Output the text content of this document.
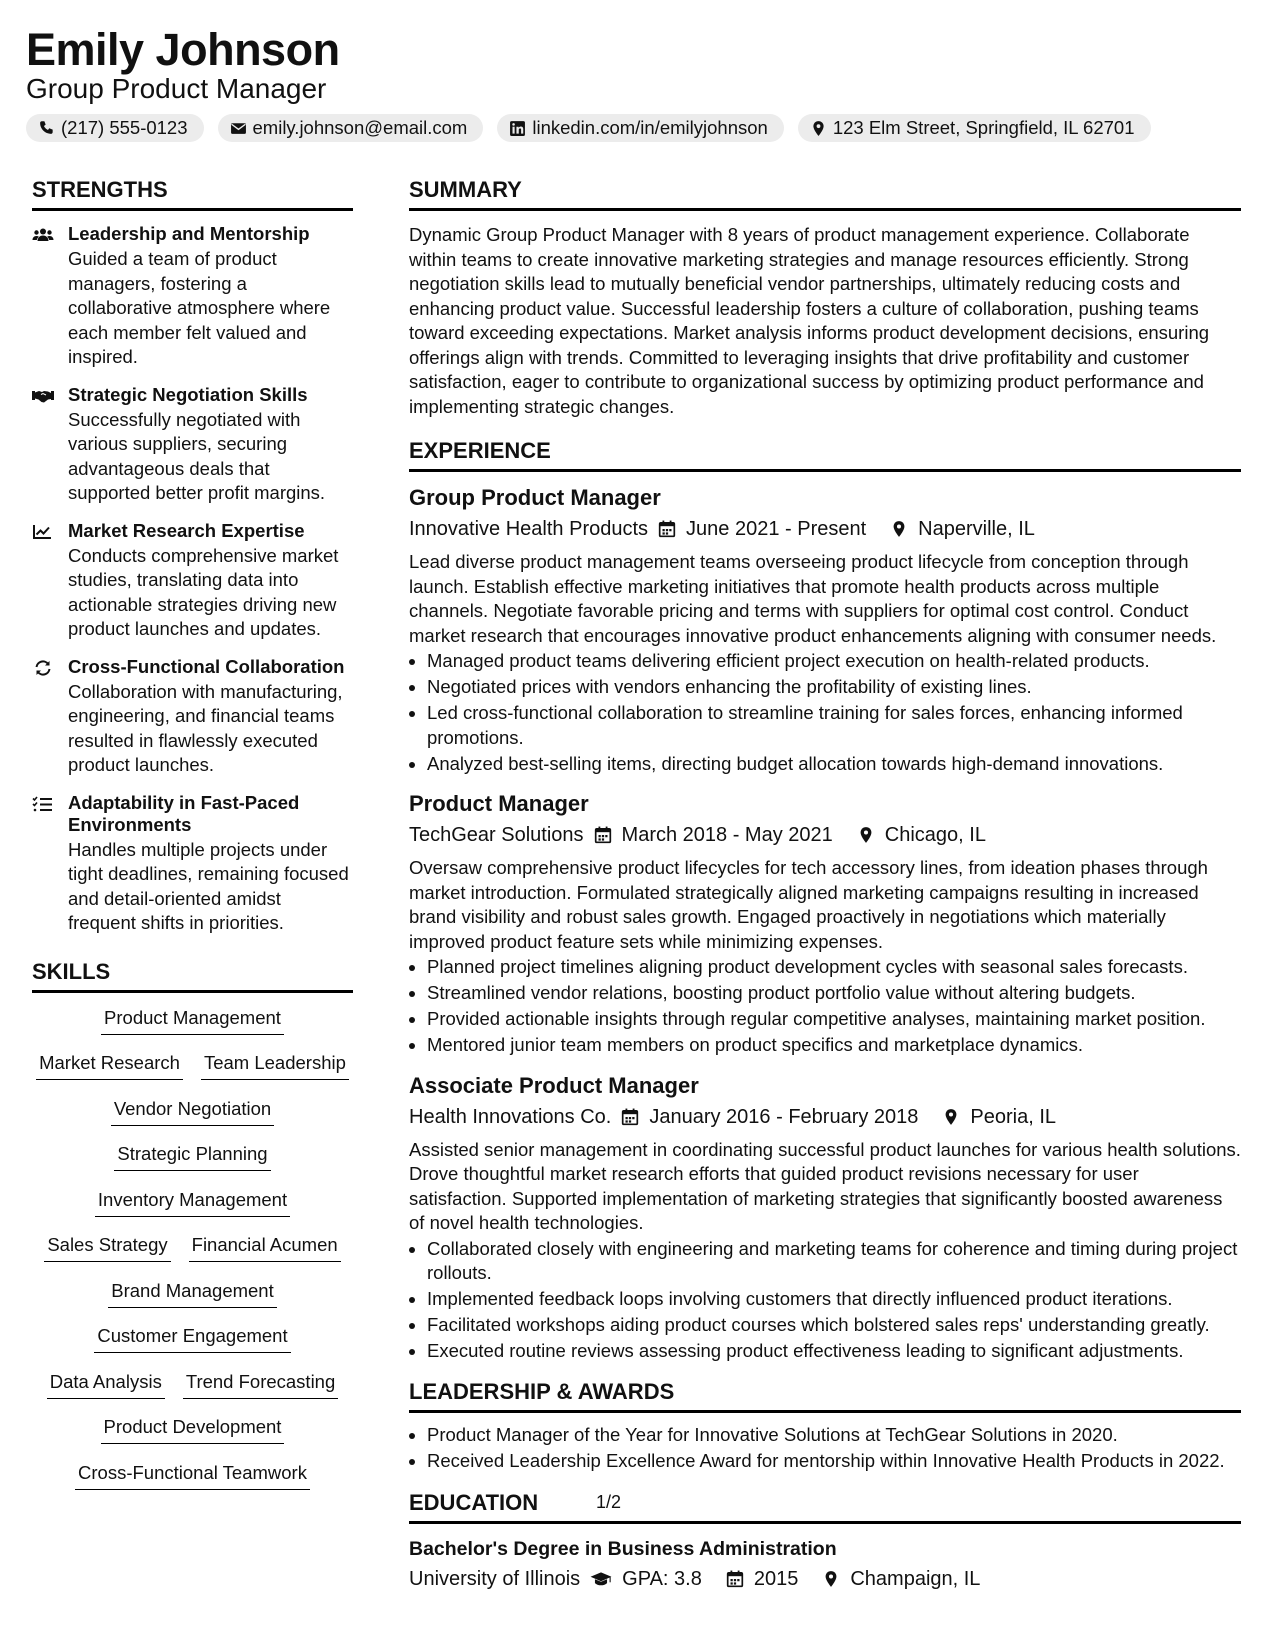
Emily Johnson
Group Product Manager
(217) 555-0123	emily.johnson@email.com	linkedin.com/in/emilyjohnson	123 Elm Street, Springfield, IL 62701
STRENGTHS
Leadership and Mentorship
Guided a team of product managers, fostering a collaborative atmosphere where each member felt valued and inspired.
Strategic Negotiation Skills
Successfully negotiated with various suppliers, securing advantageous deals that supported better profit margins.
Market Research Expertise
Conducts comprehensive market studies, translating data into actionable strategies driving new product launches and updates.
Cross-Functional Collaboration
Collaboration with manufacturing, engineering, and financial teams resulted in flawlessly executed product launches.
Adaptability in Fast-Paced Environments
Handles multiple projects under tight deadlines, remaining focused and detail-oriented amidst frequent shifts in priorities.
SKILLS
Product Management
Market Research Team Leadership
Vendor Negotiation
Strategic Planning
Inventory Management
Sales Strategy Financial Acumen
Brand Management
Customer Engagement
Data Analysis Trend Forecasting
Product Development
Cross-Functional Teamwork
SUMMARY

Dynamic Group Product Manager with 8 years of product management experience. Collaborate within teams to create innovative marketing strategies and manage resources efficiently. Strong negotiation skills lead to mutually beneficial vendor partnerships, ultimately reducing costs and enhancing product value. Successful leadership fosters a culture of collaboration, pushing teams toward exceeding expectations. Market analysis informs product development decisions, ensuring offerings align with trends. Committed to leveraging insights that drive profitability and customer satisfaction, eager to contribute to organizational success by optimizing product performance and implementing strategic changes.

EXPERIENCE
Group Product Manager
Innovative Health Products June 2021 - Present	Naperville, IL

Lead diverse product management teams overseeing product lifecycle from conception through launch. Establish effective marketing initiatives that promote health products across multiple channels. Negotiate favorable pricing and terms with suppliers for optimal cost control. Conduct market research that encourages innovative product enhancements aligning with consumer needs.

• Managed product teams delivering efficient project execution on health-related products.
• Negotiated prices with vendors enhancing the profitability of existing lines.
• Led cross-functional collaboration to streamline training for sales forces, enhancing informed promotions.
• Analyzed best-selling items, directing budget allocation towards high-demand innovations.
Product Manager
TechGear Solutions March 2018 - May 2021	Chicago, IL

Oversaw comprehensive product lifecycles for tech accessory lines, from ideation phases through market introduction. Formulated strategically aligned marketing campaigns resulting in increased brand visibility and robust sales growth. Engaged proactively in negotiations which materially improved product feature sets while minimizing expenses.

• Planned project timelines aligning product development cycles with seasonal sales forecasts.
• Streamlined vendor relations, boosting product portfolio value without altering budgets.
• Provided actionable insights through regular competitive analyses, maintaining market position.
• Mentored junior team members on product specifics and marketplace dynamics.
Associate Product Manager
Health Innovations Co. January 2016 - February 2018	Peoria, IL

Assisted senior management in coordinating successful product launches for various health solutions. Drove thoughtful market research efforts that guided product revisions necessary for user satisfaction. Supported implementation of marketing strategies that significantly boosted awareness of novel health technologies.

• Collaborated closely with engineering and marketing teams for coherence and timing during project rollouts.
• Implemented feedback loops involving customers that directly influenced product iterations.
• Facilitated workshops aiding product courses which bolstered sales reps' understanding greatly.
• Executed routine reviews assessing product effectiveness leading to significant adjustments.
LEADERSHIP & AWARDS
• Product Manager of the Year for Innovative Solutions at TechGear Solutions in 2020.
• Received Leadership Excellence Award for mentorship within Innovative Health Products in 2022.
EDUCATION
Bachelor's Degree in Business Administration
University of Illinois GPA: 3.8	2015	Champaign, IL
1/2
